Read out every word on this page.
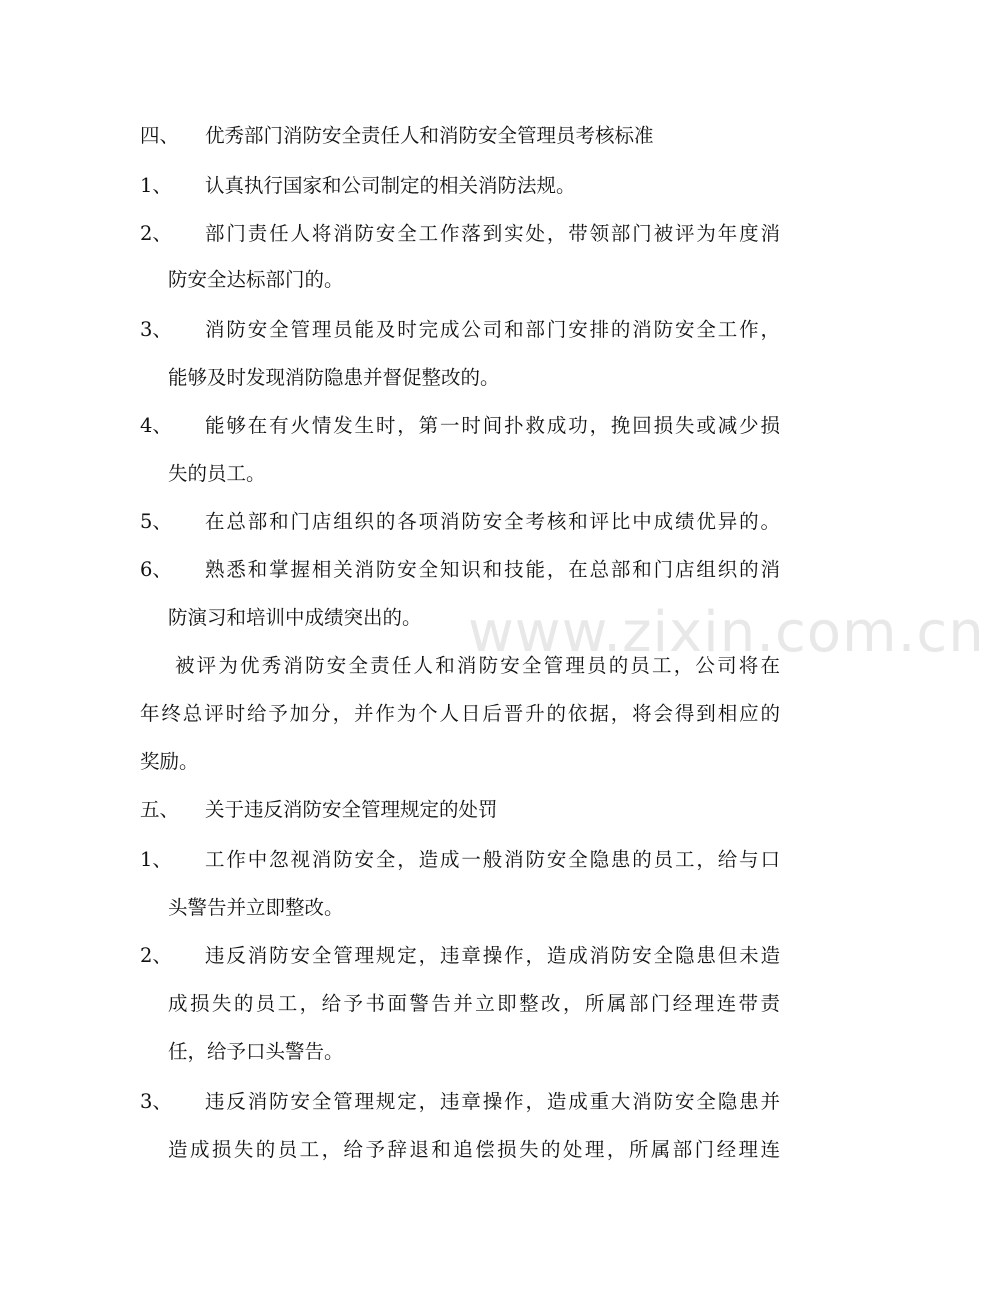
四、 优秀部门消防安全责任人和消防安全管理员考核标准
1、 认真执行国家和公司制定的相关消防法规。
2、 部门责任人将消防安全工作落到实处，带领部门被评为年度消
防安全达标部门的。
3、 消防安全管理员能及时完成公司和部门安排的消防安全工作，
能够及时发现消防隐患并督促整改的。
4、 能够在有火情发生时，第一时间扑救成功，挽回损失或减少损
失的员工。
5、 在总部和门店组织的各项消防安全考核和评比中成绩优异的。
6、 熟悉和掌握相关消防安全知识和技能，在总部和门店组织的消
防演习和培训中成绩突出的。
被评为优秀消防安全责任人和消防安全管理员的员工，公司将在
年终总评时给予加分，并作为个人日后晋升的依据，将会得到相应的
奖励。
五、 关于违反消防安全管理规定的处罚
1、 工作中忽视消防安全，造成一般消防安全隐患的员工，给与口
头警告并立即整改。
2、 违反消防安全管理规定，违章操作，造成消防安全隐患但未造
成损失的员工，给予书面警告并立即整改，所属部门经理连带责
任，给予口头警告。
3、 违反消防安全管理规定，违章操作，造成重大消防安全隐患并
造成损失的员工，给予辞退和追偿损失的处理，所属部门经理连
www.zixin.com.cn
